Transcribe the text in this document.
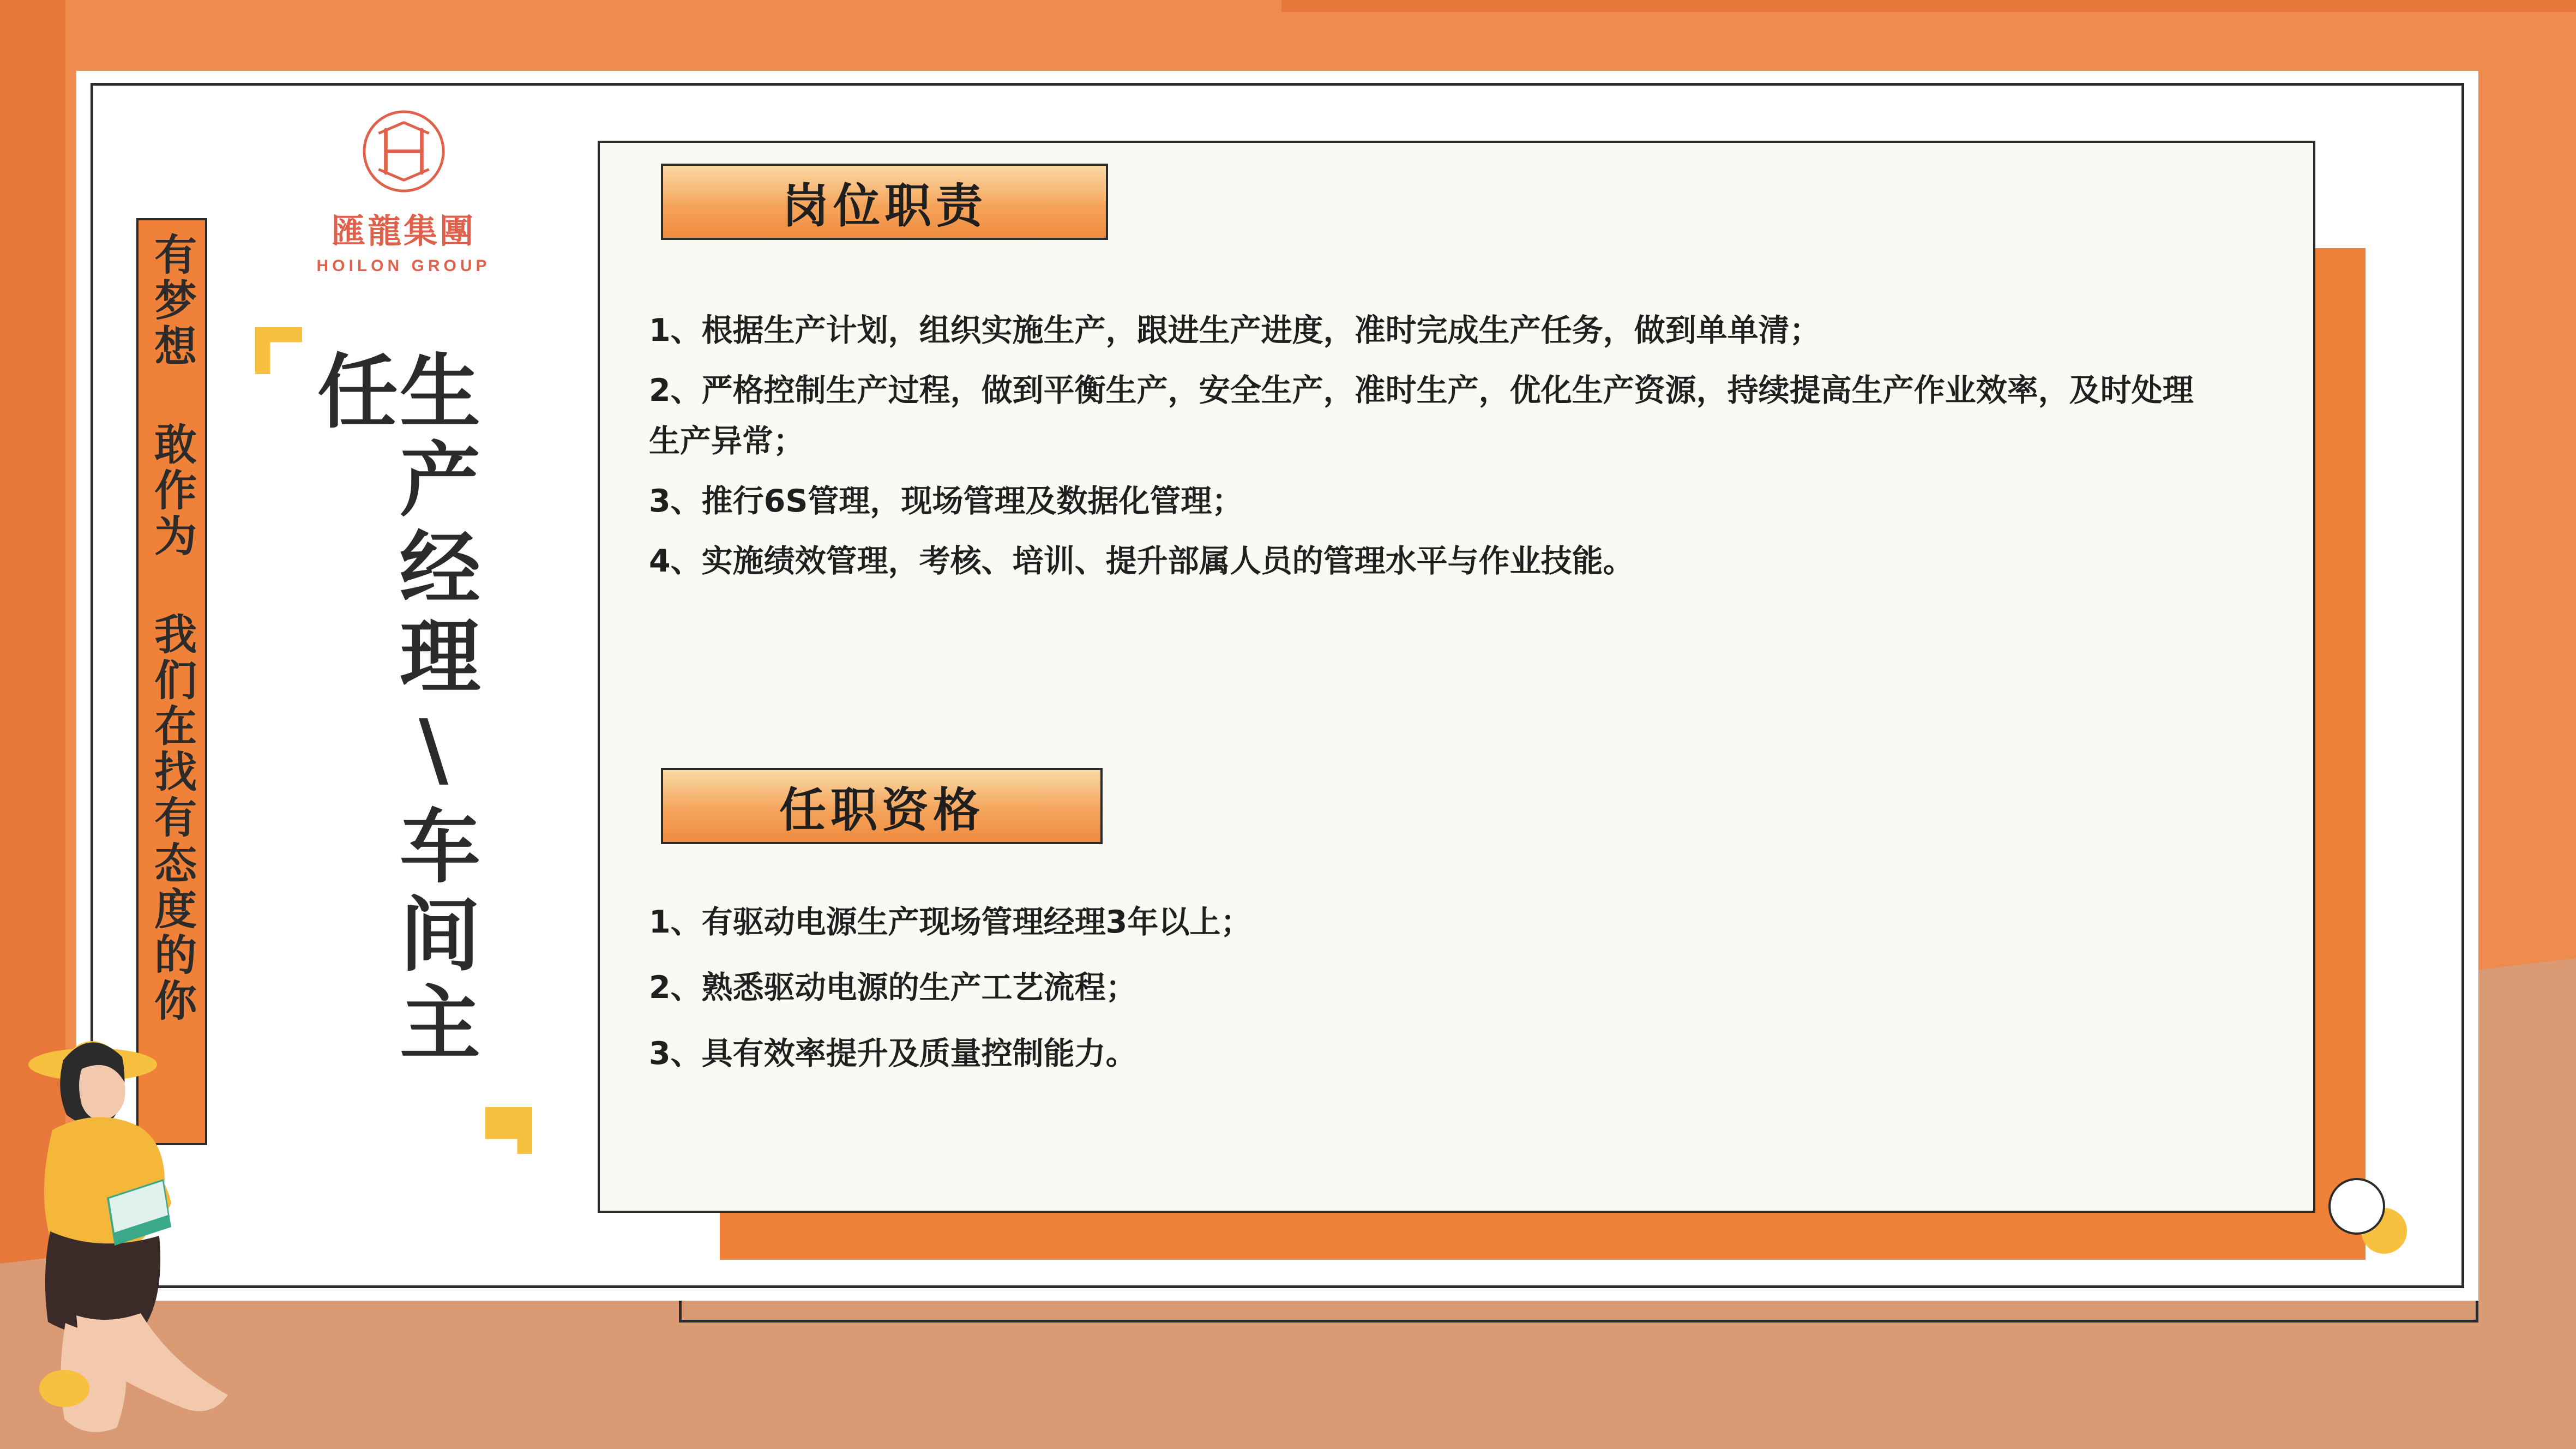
有梦想 敢作为 我们在找有态度的你
匯龍集團
HOILON GROUP
生产经理\车间主任
岗位职责

1、根据生产计划，组织实施生产，跟进生产进度，准时完成生产任务，做到单单清；

2、严格控制生产过程，做到平衡生产，安全生产，准时生产，优化生产资源，持续提高生产作业效率，及时处理生产异常；

3、推行6S管理，现场管理及数据化管理；

4、实施绩效管理，考核、培训、提升部属人员的管理水平与作业技能。

任职资格

1、有驱动电源生产现场管理经理3年以上；

2、熟悉驱动电源的生产工艺流程；

3、具有效率提升及质量控制能力。
